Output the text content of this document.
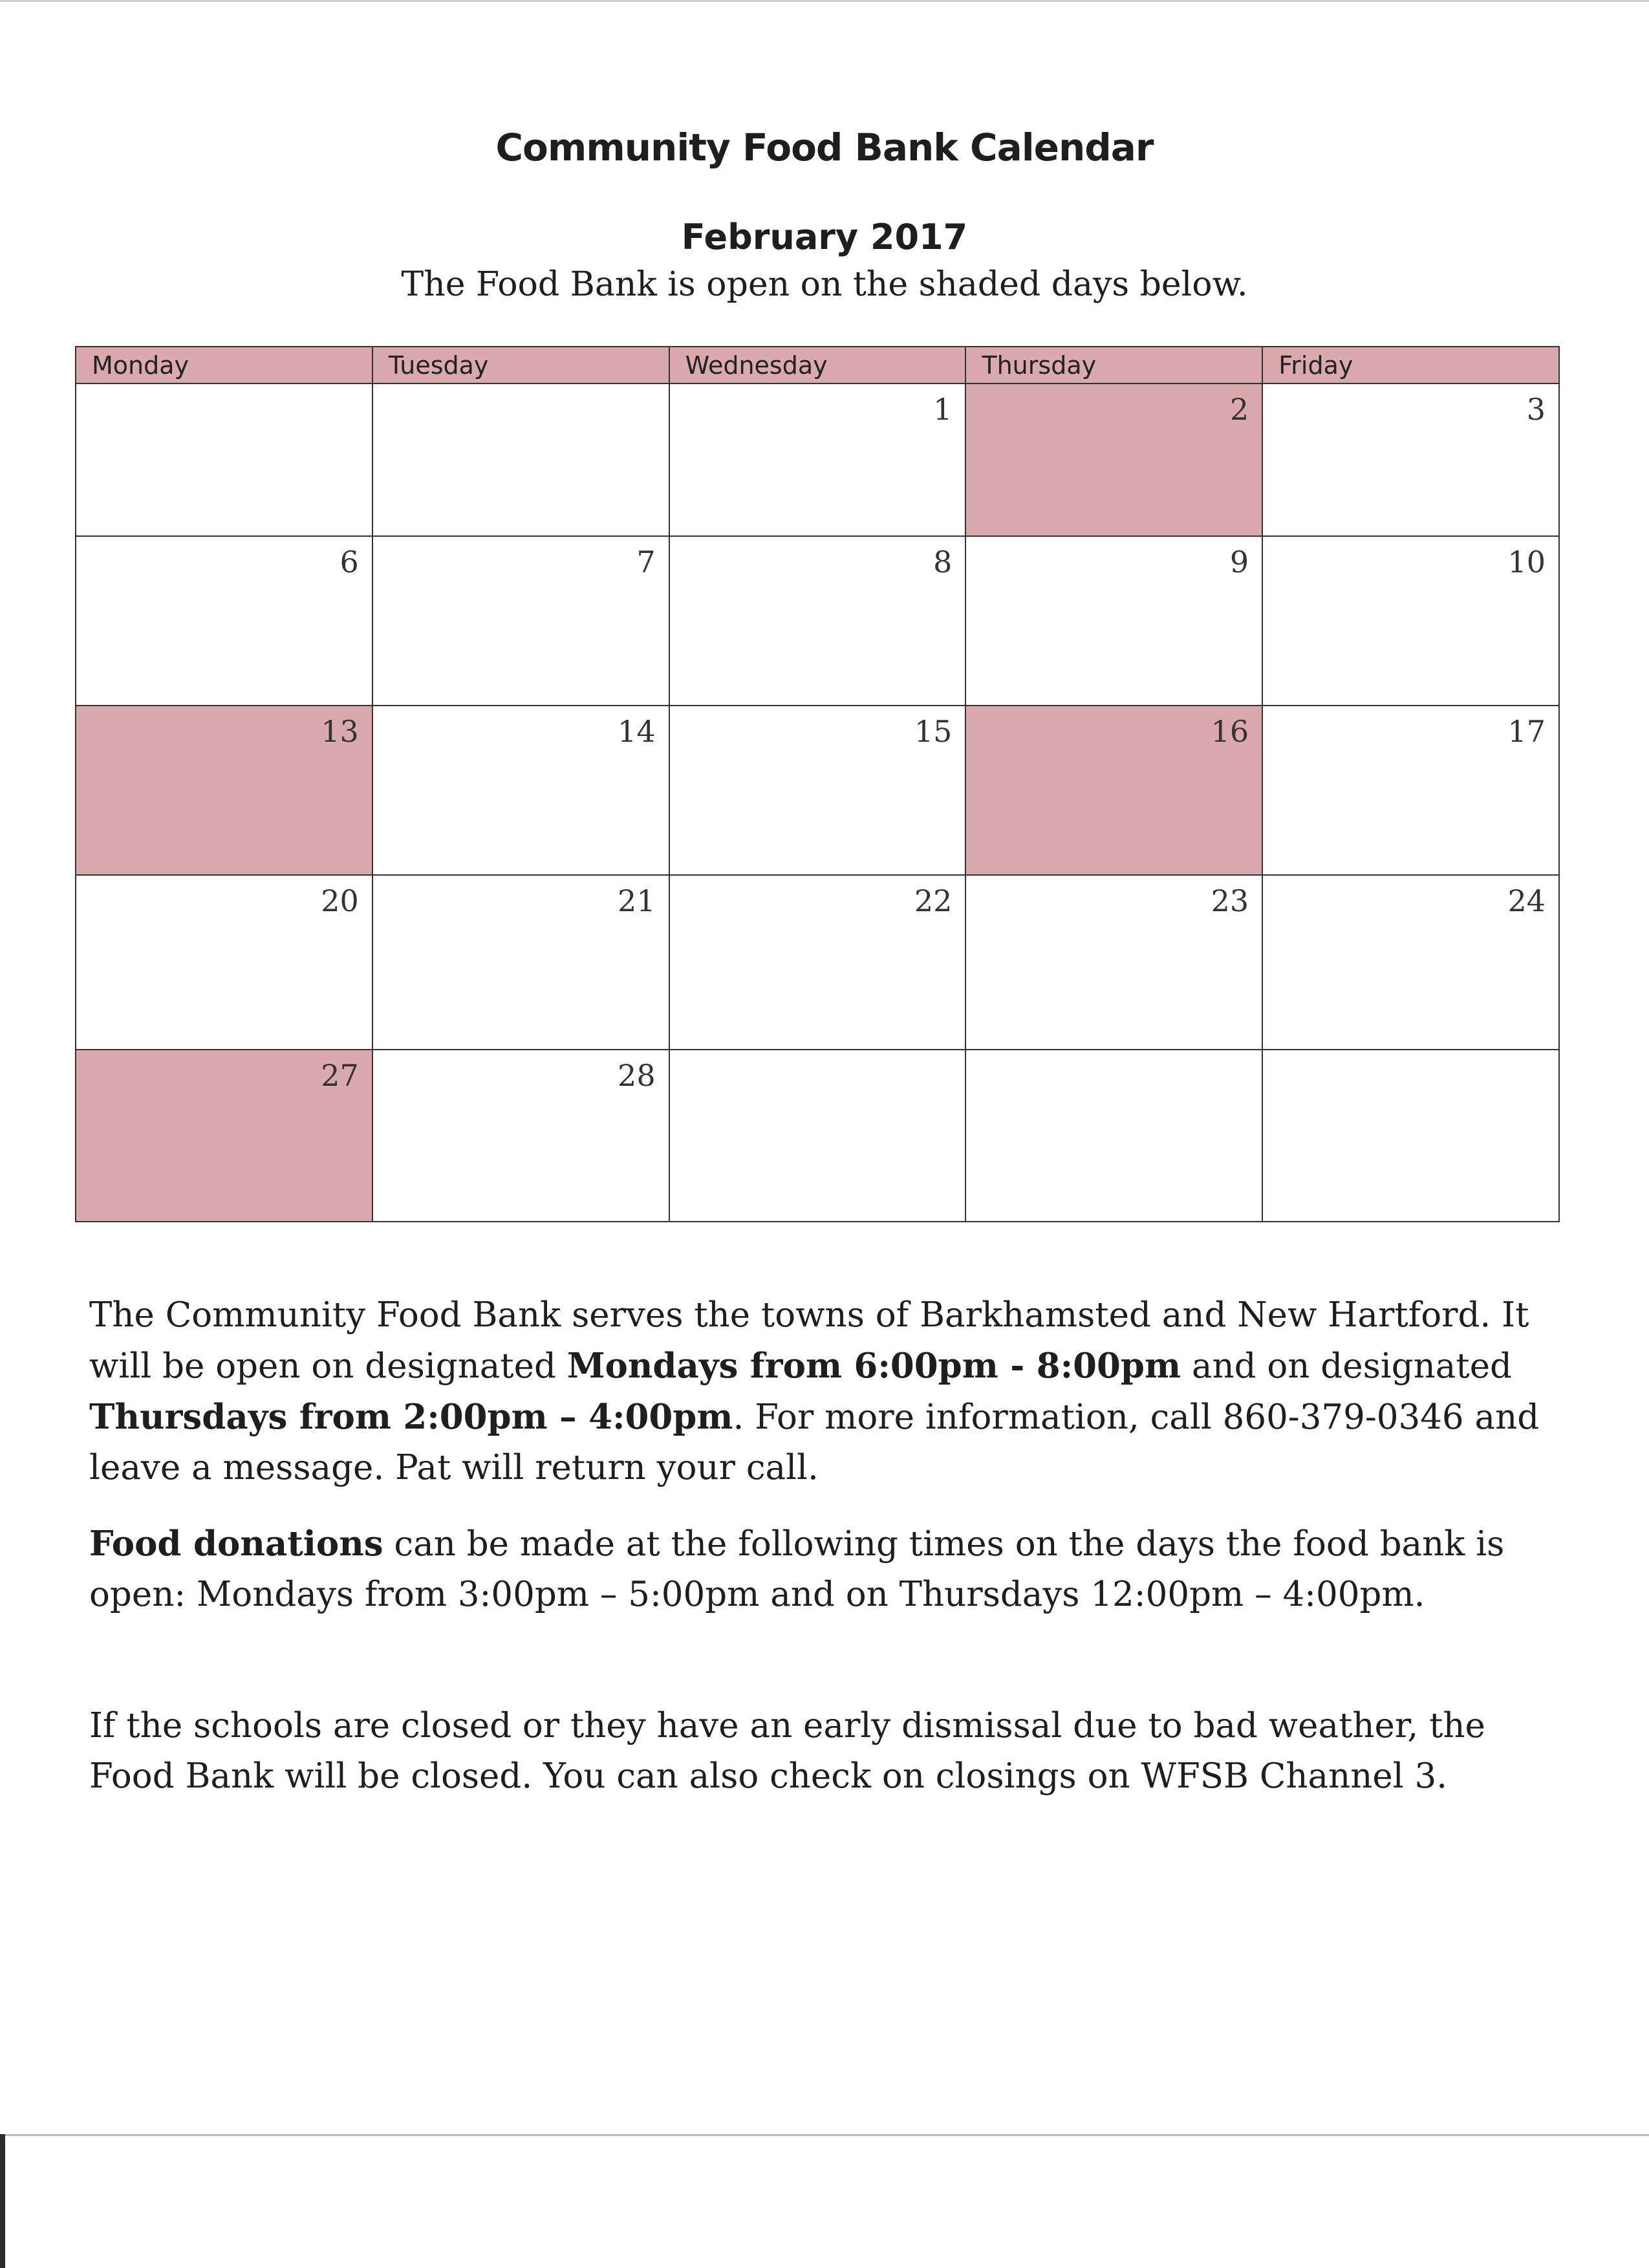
Community Food Bank Calendar
February 2017
The Food Bank is open on the shaded days below.
Monday	Tuesday	Wednesday	Thursday	Friday
		1	2	3
6	7	8	9	10
13	14	15	16	17
20	21	22	23	24
27	28			

The Community Food Bank serves the towns of Barkhamsted and New Hartford. It will be open on designated Mondays from 6:00pm - 8:00pm and on designated Thursdays from 2:00pm – 4:00pm. For more information, call 860-379-0346 and leave a message. Pat will return your call.

Food donations can be made at the following times on the days the food bank is open: Mondays from 3:00pm – 5:00pm and on Thursdays 12:00pm – 4:00pm.

If the schools are closed or they have an early dismissal due to bad weather, the Food Bank will be closed. You can also check on closings on WFSB Channel 3.
